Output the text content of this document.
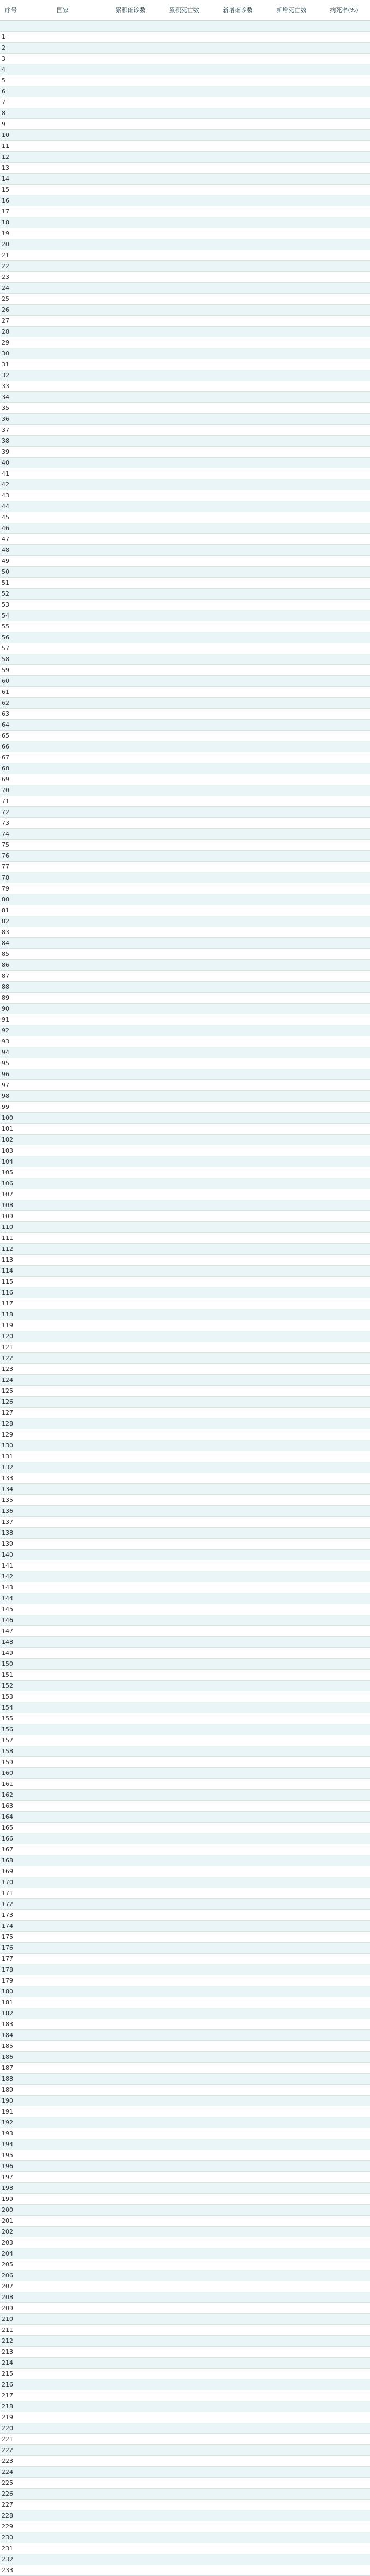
序号	国家	累积确诊数	累积死亡数	新增确诊数	新增死亡数	病死率(%)

1						
2						
3						
4						
5						
6						
7						
8						
9						
10						
11						
12						
13						
14						
15						
16						
17						
18						
19						
20						
21						
22						
23						
24						
25						
26						
27						
28						
29						
30						
31						
32						
33						
34						
35						
36						
37						
38						
39						
40						
41						
42						
43						
44						
45						
46						
47						
48						
49						
50						
51						
52						
53						
54						
55						
56						
57						
58						
59						
60						
61						
62						
63						
64						
65						
66						
67						
68						
69						
70						
71						
72						
73						
74						
75						
76						
77						
78						
79						
80						
81						
82						
83						
84						
85						
86						
87						
88						
89						
90						
91						
92						
93						
94						
95						
96						
97						
98						
99						
100						
101						
102						
103						
104						
105						
106						
107						
108						
109						
110						
111						
112						
113						
114						
115						
116						
117						
118						
119						
120						
121						
122						
123						
124						
125						
126						
127						
128						
129						
130						
131						
132						
133						
134						
135						
136						
137						
138						
139						
140						
141						
142						
143						
144						
145						
146						
147						
148						
149						
150						
151						
152						
153						
154						
155						
156						
157						
158						
159						
160						
161						
162						
163						
164						
165						
166						
167						
168						
169						
170						
171						
172						
173						
174						
175						
176						
177						
178						
179						
180						
181						
182						
183						
184						
185						
186						
187						
188						
189						
190						
191						
192						
193						
194						
195						
196						
197						
198						
199						
200						
201						
202						
203						
204						
205						
206						
207						
208						
209						
210						
211						
212						
213						
214						
215						
216						
217						
218						
219						
220						
221						
222						
223						
224						
225						
226						
227						
228						
229						
230						
231						
232						
233						
